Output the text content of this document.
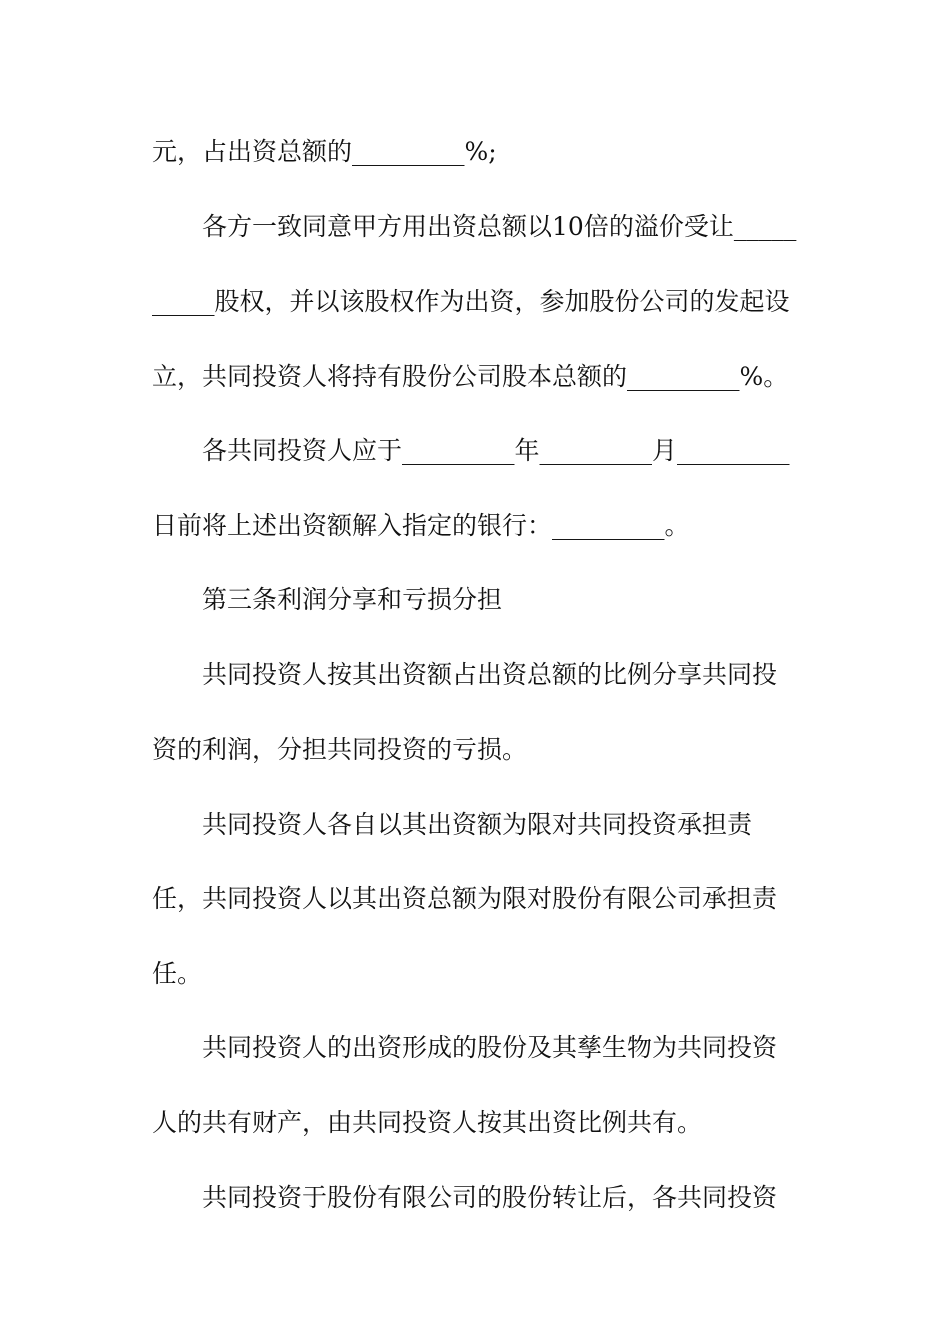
元，占出资总额的_________%;
各方一致同意甲方用出资总额以10倍的溢价受让_____
_____股权，并以该股权作为出资，参加股份公司的发起设
立，共同投资人将持有股份公司股本总额的_________%。
各共同投资人应于_________年_________月_________
日前将上述出资额解入指定的银行：_________。
第三条利润分享和亏损分担
共同投资人按其出资额占出资总额的比例分享共同投
资的利润，分担共同投资的亏损。
共同投资人各自以其出资额为限对共同投资承担责
任，共同投资人以其出资总额为限对股份有限公司承担责
任。
共同投资人的出资形成的股份及其孳生物为共同投资
人的共有财产，由共同投资人按其出资比例共有。
共同投资于股份有限公司的股份转让后，各共同投资
